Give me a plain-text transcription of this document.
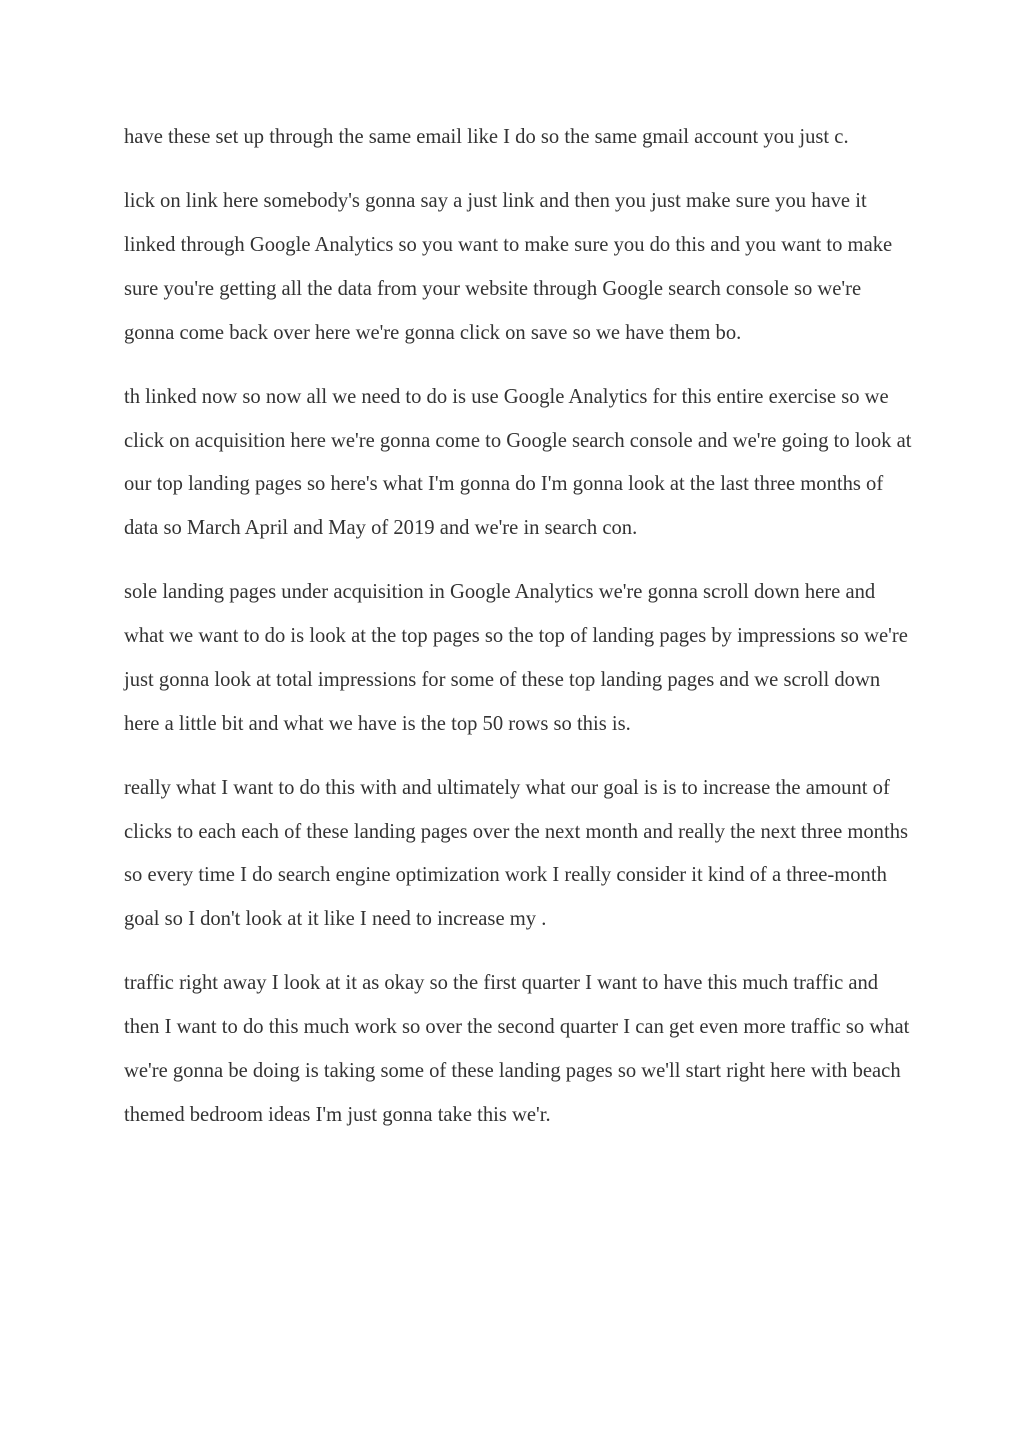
have these set up through the same email like I do so the same gmail account you just c.

lick on link here somebody's gonna say a just link and then you just make sure you have it linked through Google Analytics so you want to make sure you do this and you want to make sure you're getting all the data from your website through Google search console so we're gonna come back over here we're gonna click on save so we have them bo.

th linked now so now all we need to do is use Google Analytics for this entire exercise so we click on acquisition here we're gonna come to Google search console and we're going to look at our top landing pages so here's what I'm gonna do I'm gonna look at the last three months of data so March April and May of 2019 and we're in search con.

sole landing pages under acquisition in Google Analytics we're gonna scroll down here and what we want to do is look at the top pages so the top of landing pages by impressions so we're just gonna look at total impressions for some of these top landing pages and we scroll down here a little bit and what we have is the top 50 rows so this is.

really what I want to do this with and ultimately what our goal is is to increase the amount of clicks to each each of these landing pages over the next month and really the next three months so every time I do search engine optimization work I really consider it kind of a three-month goal so I don't look at it like I need to increase my .

traffic right away I look at it as okay so the first quarter I want to have this much traffic and then I want to do this much work so over the second quarter I can get even more traffic so what we're gonna be doing is taking some of these landing pages so we'll start right here with beach themed bedroom ideas I'm just gonna take this we'r.
